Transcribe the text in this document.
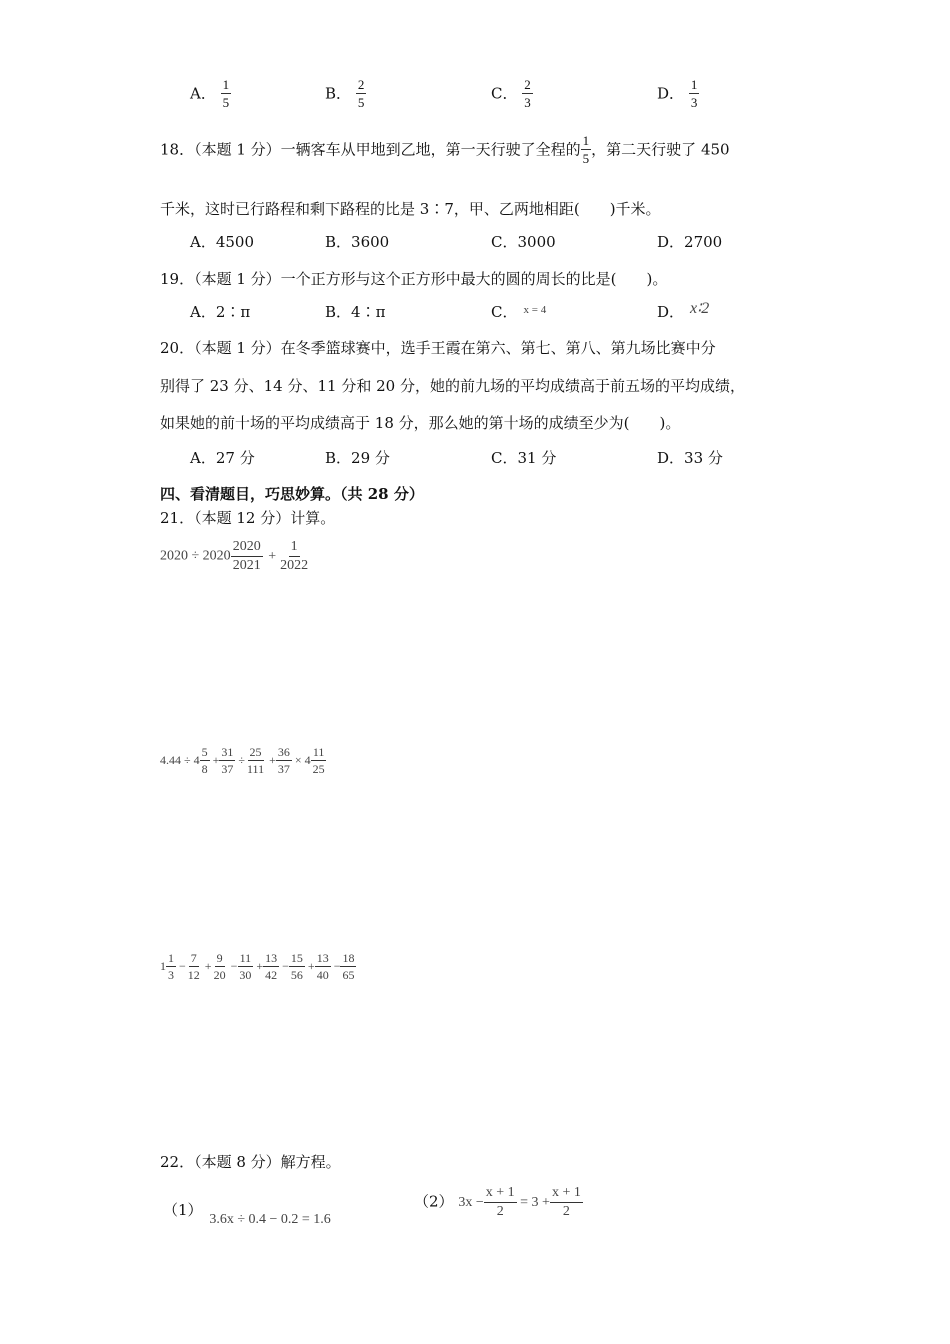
A． $\frac{1}{5}$	B． $\frac{2}{5}$	C． $\frac{2}{3}$	D． $\frac{1}{3}$
18．（本题 1 分）一辆客车从甲地到乙地，第一天行驶了全程的 $\frac{1}{5}$ ，第二天行驶了 450
千米，这时已行路程和剩下路程的比是 3∶7，甲、乙两地相距(　　)千米。
A．4500	B．3600	C．3000	D．2700
19．（本题 1 分）一个正方形与这个正方形中最大的圆的周长的比是(　　)。
A．2∶π	B．4∶π	C． $^{x = 4}$	D． x∶2
20．（本题 1 分）在冬季篮球赛中，选手王霞在第六、第七、第八、第九场比赛中分
别得了 23 分、14 分、11 分和 20 分，她的前九场的平均成绩高于前五场的平均成绩，
如果她的前十场的平均成绩高于 18 分，那么她的第十场的成绩至少为(　　)。
A．27 分	B．29 分	C．31 分	D．33 分
四、看清题目，巧思妙算。（共 28 分）
21．（本题 12 分）计算。
$2020 \div 2020 \frac{2020}{2021} + \frac{1}{2022}$
$4.44 \div 4 \frac{5}{8} + \frac{31}{37} \div \frac{25}{111} + \frac{36}{37} \times 4 \frac{11}{25}$
$1 \frac{1}{3} - \frac{7}{12} + \frac{9}{20} - \frac{11}{30} + \frac{13}{42} - \frac{15}{56} + \frac{13}{40} - \frac{18}{65}$
22．（本题 8 分）解方程。
（1） 3.6x ÷ 0.4 − 0.2 = 1.6
（2） $3x - \frac{x + 1}{2} = 3 + \frac{x + 1}{2}$
